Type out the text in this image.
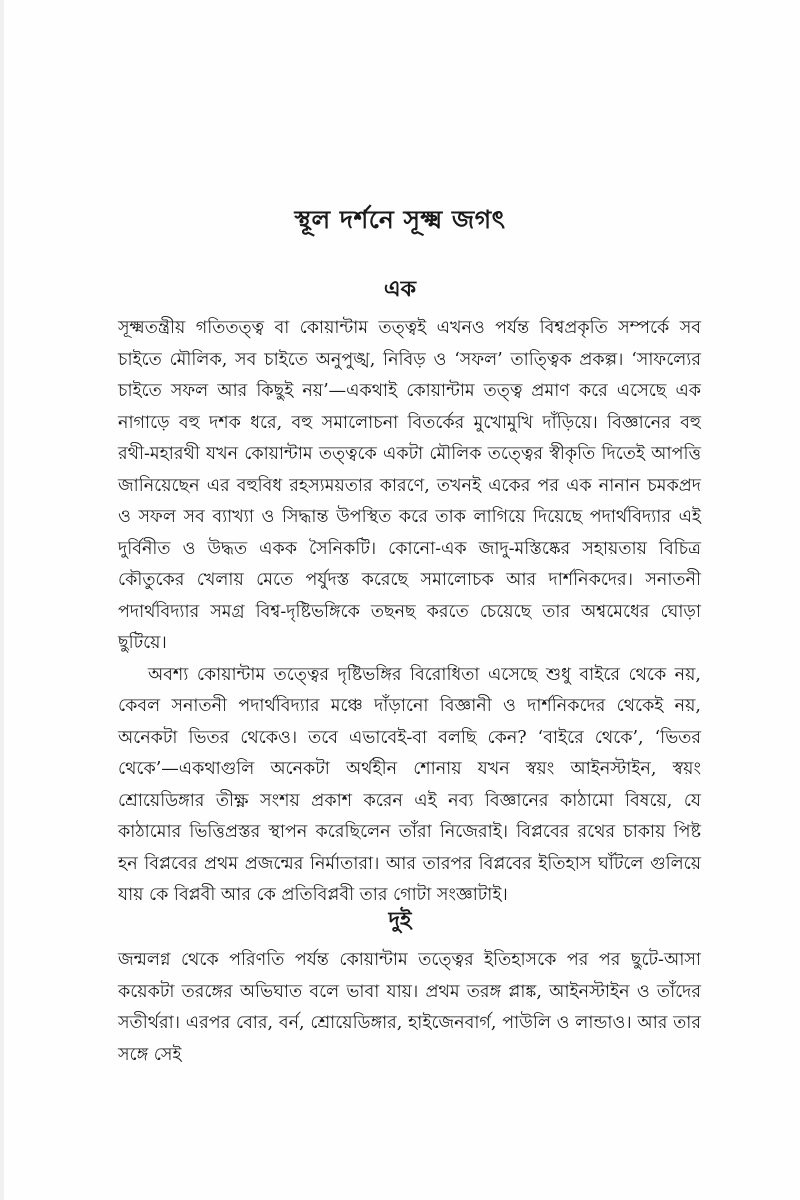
স্থূল দর্শনে সূক্ষ্ম জগৎ
এক

সূক্ষ্মতন্ত্রীয় গতিতত্ত্ব বা কোয়ান্টাম তত্ত্বই এখনও পর্যন্ত বিশ্বপ্রকৃতি সম্পর্কে সব চাইতে মৌলিক, সব চাইতে অনুপুঙ্খ, নিবিড় ও ‘সফল’ তাত্ত্বিক প্রকল্প। ‘সাফল্যের চাইতে সফল আর কিছুই নয়’—একথাই কোয়ান্টাম তত্ত্ব প্রমাণ করে এসেছে এক নাগাড়ে বহু দশক ধরে, বহু সমালোচনা বিতর্কের মুখোমুখি দাঁড়িয়ে। বিজ্ঞানের বহু রথী-মহারথী যখন কোয়ান্টাম তত্ত্বকে একটা মৌলিক তত্ত্বের স্বীকৃতি দিতেই আপত্তি জানিয়েছেন এর বহুবিধ রহস্যময়তার কারণে, তখনই একের পর এক নানান চমকপ্রদ ও সফল সব ব্যাখ্যা ও সিদ্ধান্ত উপস্থিত করে তাক লাগিয়ে দিয়েছে পদার্থবিদ্যার এই দুর্বিনীত ও উদ্ধত একক সৈনিকটি। কোনো-এক জাদু-মস্তিষ্কের সহায়তায় বিচিত্র কৌতুকের খেলায় মেতে পর্যুদস্ত করেছে সমালোচক আর দার্শনিকদের। সনাতনী পদার্থবিদ্যার সমগ্র বিশ্ব-দৃষ্টিভঙ্গিকে তছনছ করতে চেয়েছে তার অশ্বমেধের ঘোড়া ছুটিয়ে।

অবশ্য কোয়ান্টাম তত্ত্বের দৃষ্টিভঙ্গির বিরোধিতা এসেছে শুধু বাইরে থেকে নয়, কেবল সনাতনী পদার্থবিদ্যার মঞ্চে দাঁড়ানো বিজ্ঞানী ও দার্শনিকদের থেকেই নয়, অনেকটা ভিতর থেকেও। তবে এভাবেই-বা বলছি কেন? ‘বাইরে থেকে’, ‘ভিতর থেকে’—একথাগুলি অনেকটা অর্থহীন শোনায় যখন স্বয়ং আইনস্টাইন, স্বয়ং শ্রোয়েডিঙ্গার তীক্ষ্ণ সংশয় প্রকাশ করেন এই নব্য বিজ্ঞানের কাঠামো বিষয়ে, যে কাঠামোর ভিত্তিপ্রস্তর স্থাপন করেছিলেন তাঁরা নিজেরাই। বিপ্লবের রথের চাকায় পিষ্ট হন বিপ্লবের প্রথম প্রজন্মের নির্মাতারা। আর তারপর বিপ্লবের ইতিহাস ঘাঁটলে গুলিয়ে যায় কে বিপ্লবী আর কে প্রতিবিপ্লবী তার গোটা সংজ্ঞাটাই।

দুই

জন্মলগ্ন থেকে পরিণতি পর্যন্ত কোয়ান্টাম তত্ত্বের ইতিহাসকে পর পর ছুটে-আসা কয়েকটা তরঙ্গের অভিঘাত বলে ভাবা যায়। প্রথম তরঙ্গ প্লাঙ্ক, আইনস্টাইন ও তাঁদের সতীর্থরা। এরপর বোর, বর্ন, শ্রোয়েডিঙ্গার, হাইজেনবার্গ, পাউলি ও লান্ডাও। আর তার সঙ্গে সেই
